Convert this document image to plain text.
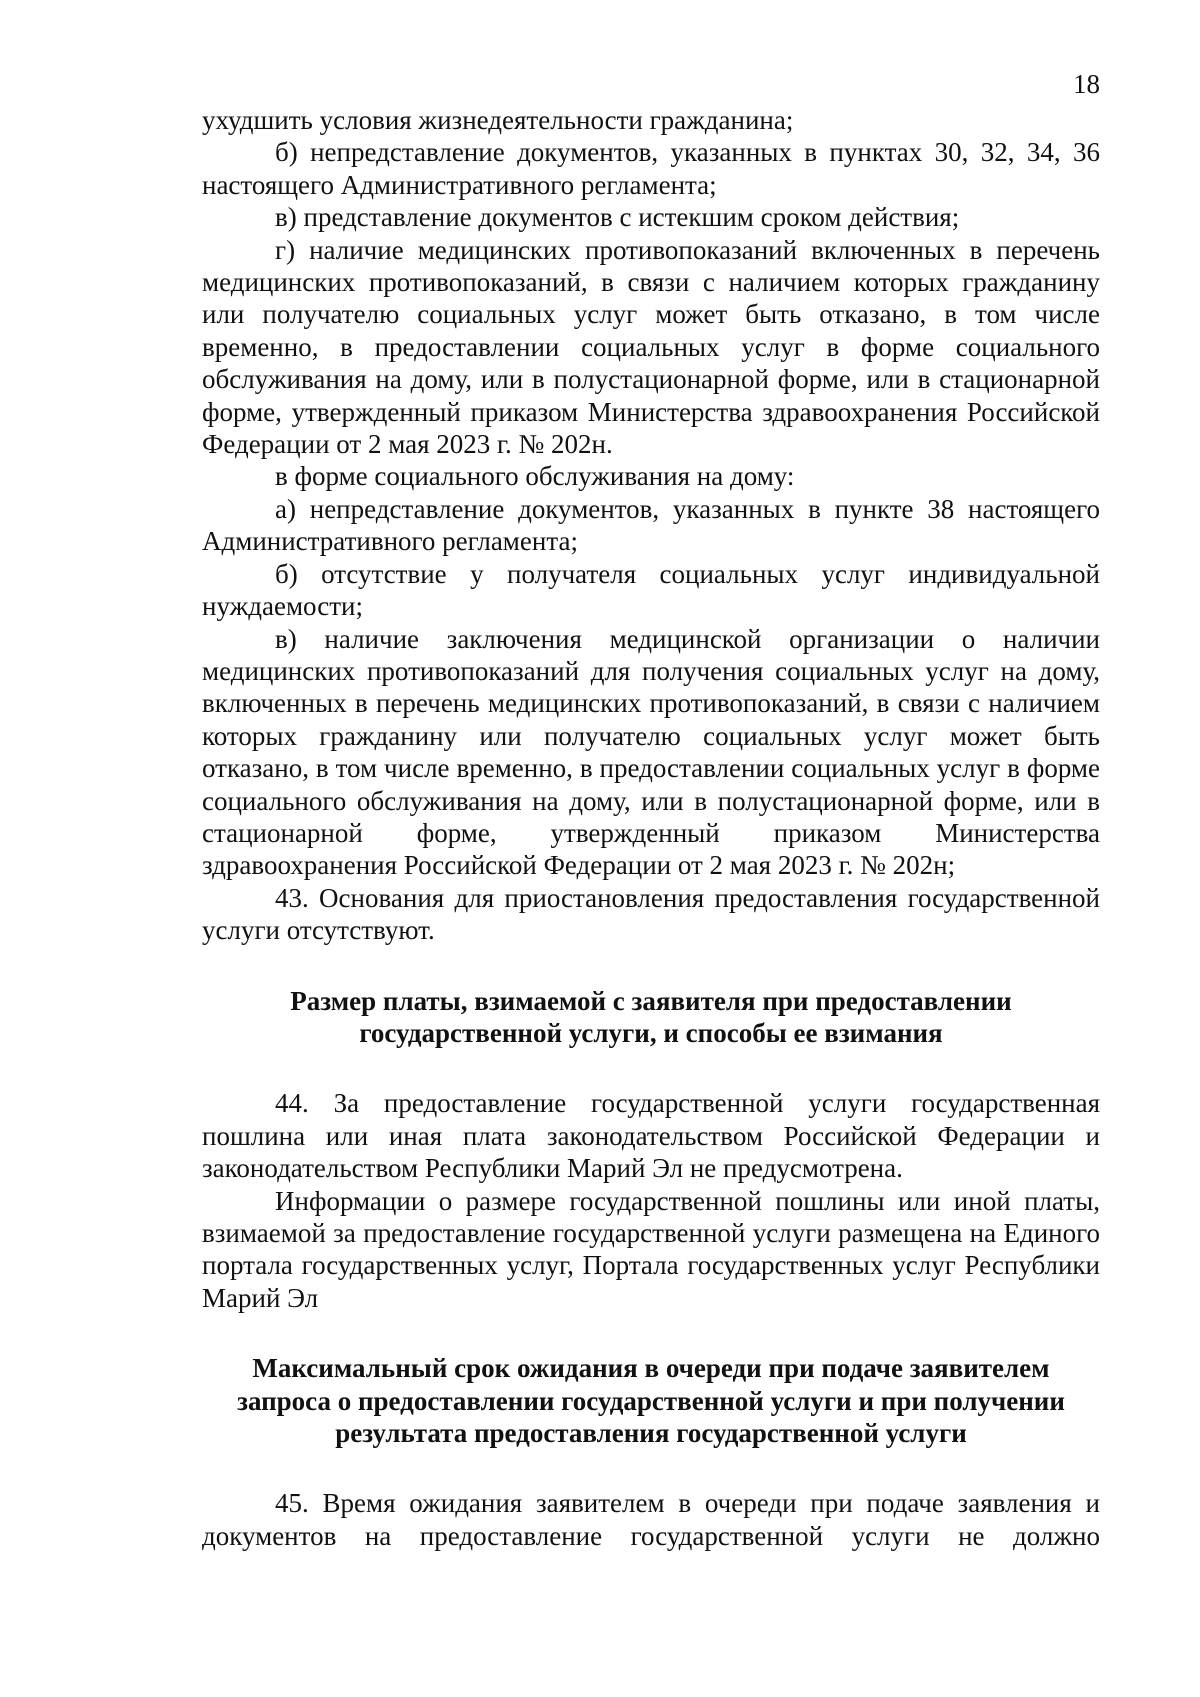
18

ухудшить условия жизнедеятельности гражданина;

б) непредставление документов, указанных в пунктах 30, 32, 34, 36 настоящего Административного регламента;

в) представление документов с истекшим сроком действия;

г) наличие медицинских противопоказаний включенных в перечень медицинских противопоказаний, в связи с наличием которых гражданину или получателю социальных услуг может быть отказано, в том числе временно, в предоставлении социальных услуг в форме социального обслуживания на дому, или в полустационарной форме, или в стационарной форме, утвержденный приказом Министерства здравоохранения Российской Федерации от 2 мая 2023 г. № 202н.

в форме социального обслуживания на дому:

а) непредставление документов, указанных в пункте 38 настоящего Административного регламента;

б) отсутствие у получателя социальных услуг индивидуальной нуждаемости;

в) наличие заключения медицинской организации о наличии медицинских противопоказаний для получения социальных услуг на дому, включенных в перечень медицинских противопоказаний, в связи с наличием которых гражданину или получателю социальных услуг может быть отказано, в том числе временно, в предоставлении социальных услуг в форме социального обслуживания на дому, или в полустационарной форме, или в стационарной форме, утвержденный приказом Министерства здравоохранения Российской Федерации от 2 мая 2023 г. № 202н;

43. Основания для приостановления предоставления государственной услуги отсутствуют.

Размер платы, взимаемой с заявителя при предоставлении
государственной услуги, и способы ее взимания

44. За предоставление государственной услуги государственная пошлина или иная плата законодательством Российской Федерации и законодательством Республики Марий Эл не предусмотрена.

Информации о размере государственной пошлины или иной платы, взимаемой за предоставление государственной услуги размещена на Единого портала государственных услуг, Портала государственных услуг Республики Марий Эл

Максимальный срок ожидания в очереди при подаче заявителем
запроса о предоставлении государственной услуги и при получении
результата предоставления государственной услуги

45. Время ожидания заявителем в очереди при подаче заявления и документов на предоставление государственной услуги не должно
